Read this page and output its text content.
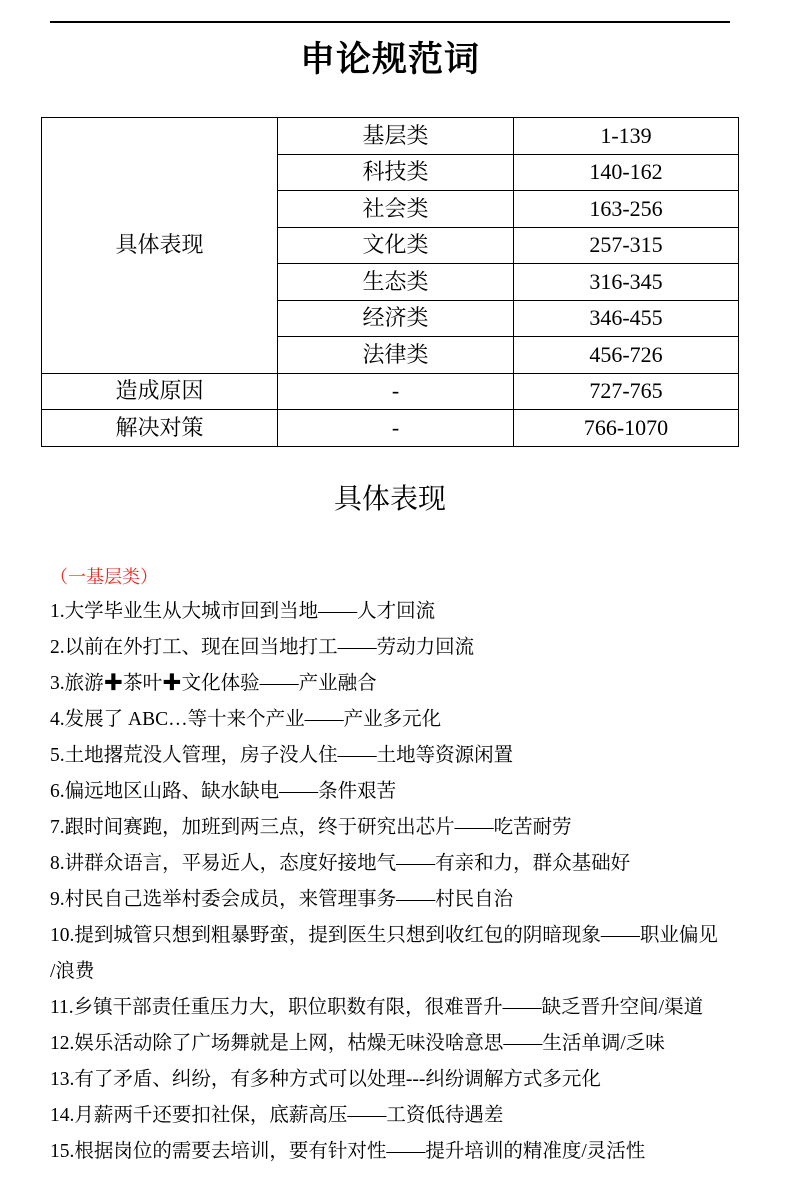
申论规范词
具体表现	基层类	1-139
	科技类	140-162
	社会类	163-256
	文化类	257-315
	生态类	316-345
	经济类	346-455
	法律类	456-726
造成原因	-	727-765
解决对策	-	766-1070
具体表现
（一基层类）
1.大学毕业生从大城市回到当地——人才回流
2.以前在外打工、现在回当地打工——劳动力回流
3.旅游✚茶叶✚文化体验——产业融合
4.发展了 ABC…等十来个产业——产业多元化
5.土地撂荒没人管理，房子没人住——土地等资源闲置
6.偏远地区山路、缺水缺电——条件艰苦
7.跟时间赛跑，加班到两三点，终于研究出芯片——吃苦耐劳
8.讲群众语言，平易近人，态度好接地气——有亲和力，群众基础好
9.村民自己选举村委会成员，来管理事务——村民自治
10.提到城管只想到粗暴野蛮，提到医生只想到收红包的阴暗现象——职业偏见/浪费
11.乡镇干部责任重压力大，职位职数有限，很难晋升——缺乏晋升空间/渠道
12.娱乐活动除了广场舞就是上网，枯燥无味没啥意思——生活单调/乏味
13.有了矛盾、纠纷，有多种方式可以处理---纠纷调解方式多元化
14.月薪两千还要扣社保，底薪高压——工资低待遇差
15.根据岗位的需要去培训，要有针对性——提升培训的精准度/灵活性
